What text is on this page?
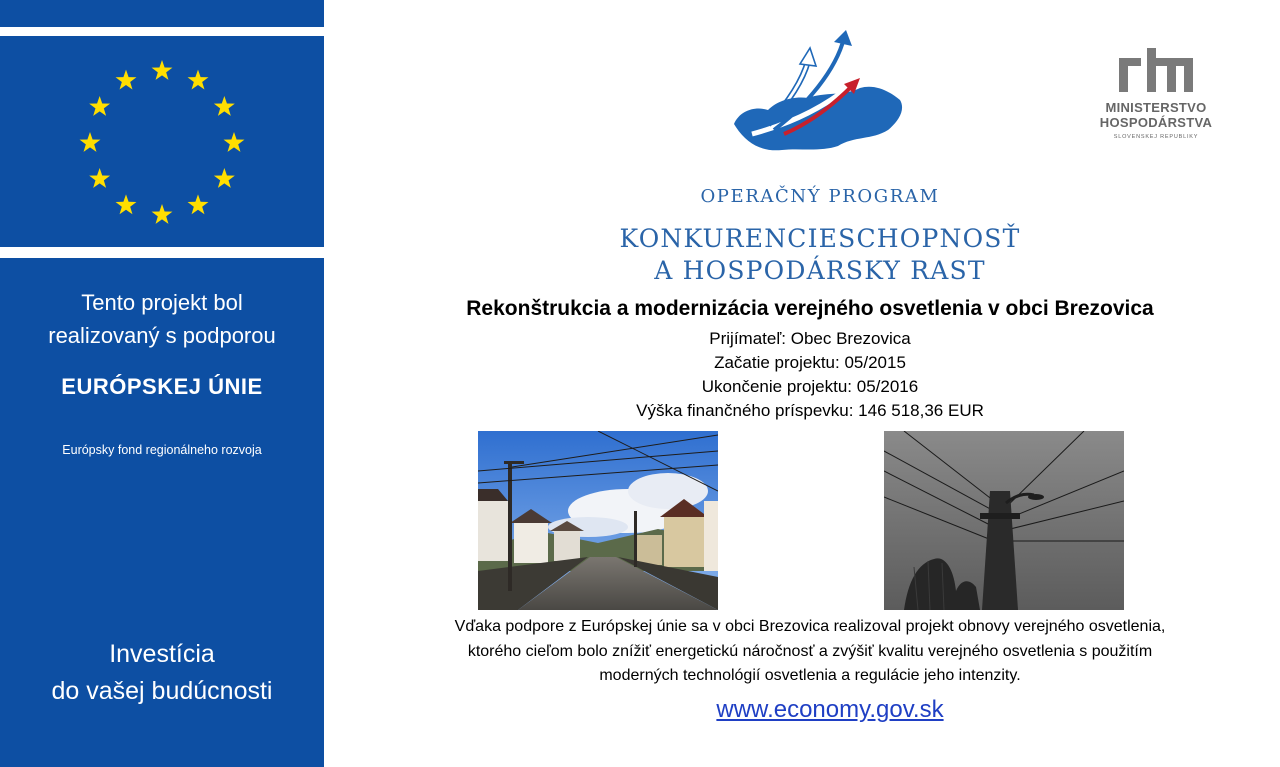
Tento projekt bol
realizovaný s podporou
EURÓPSKEJ ÚNIE
Európsky fond regionálneho rozvoja
Investícia
do vašej budúcnosti
MINISTERSTVO
HOSPODÁRSTVA
SLOVENSKEJ REPUBLIKY
OPERAČNÝ PROGRAM
KONKURENCIESCHOPNOSŤ
A HOSPODÁRSKY RAST
Rekonštrukcia a modernizácia verejného osvetlenia v obci Brezovica
Prijímateľ: Obec Brezovica
Začatie projektu: 05/2015
Ukončenie projektu: 05/2016
Výška finančného príspevku: 146 518,36 EUR
Vďaka podpore z Európskej únie sa v obci Brezovica realizoval projekt obnovy verejného osvetlenia,
ktorého cieľom bolo znížiť energetickú náročnosť a zvýšiť kvalitu verejného osvetlenia s použitím
moderných technológií osvetlenia a regulácie jeho intenzity.
www.economy.gov.sk
